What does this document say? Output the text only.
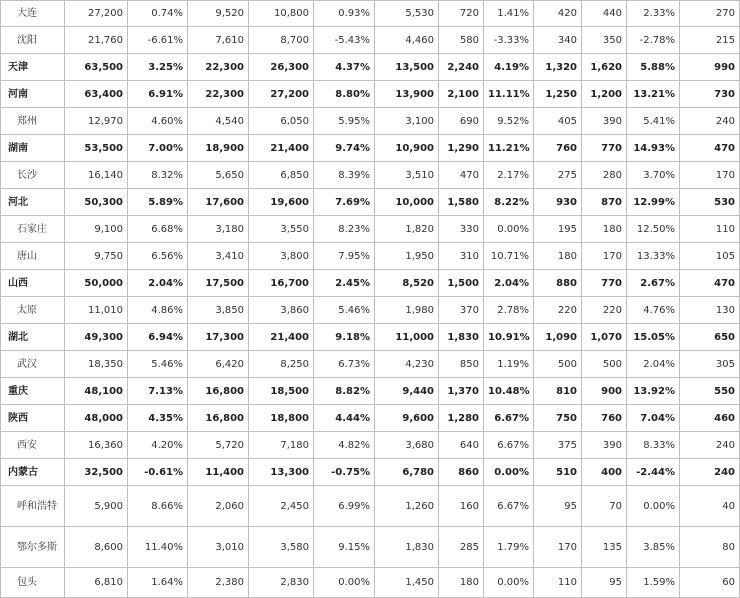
大连	27,200	0.74%	9,520	10,800	0.93%	5,530	720	1.41%	420	440	2.33%	270
沈阳	21,760	-6.61%	7,610	8,700	-5.43%	4,460	580	-3.33%	340	350	-2.78%	215
天津	63,500	3.25%	22,300	26,300	4.37%	13,500	2,240	4.19%	1,320	1,620	5.88%	990
河南	63,400	6.91%	22,300	27,200	8.80%	13,900	2,100	11.11%	1,250	1,200	13.21%	730
郑州	12,970	4.60%	4,540	6,050	5.95%	3,100	690	9.52%	405	390	5.41%	240
湖南	53,500	7.00%	18,900	21,400	9.74%	10,900	1,290	11.21%	760	770	14.93%	470
长沙	16,140	8.32%	5,650	6,850	8.39%	3,510	470	2.17%	275	280	3.70%	170
河北	50,300	5.89%	17,600	19,600	7.69%	10,000	1,580	8.22%	930	870	12.99%	530
石家庄	9,100	6.68%	3,180	3,550	8.23%	1,820	330	0.00%	195	180	12.50%	110
唐山	9,750	6.56%	3,410	3,800	7.95%	1,950	310	10.71%	180	170	13.33%	105
山西	50,000	2.04%	17,500	16,700	2.45%	8,520	1,500	2.04%	880	770	2.67%	470
太原	11,010	4.86%	3,850	3,860	5.46%	1,980	370	2.78%	220	220	4.76%	130
湖北	49,300	6.94%	17,300	21,400	9.18%	11,000	1,830	10.91%	1,090	1,070	15.05%	650
武汉	18,350	5.46%	6,420	8,250	6.73%	4,230	850	1.19%	500	500	2.04%	305
重庆	48,100	7.13%	16,800	18,500	8.82%	9,440	1,370	10.48%	810	900	13.92%	550
陕西	48,000	4.35%	16,800	18,800	4.44%	9,600	1,280	6.67%	750	760	7.04%	460
西安	16,360	4.20%	5,720	7,180	4.82%	3,680	640	6.67%	375	390	8.33%	240
内蒙古	32,500	-0.61%	11,400	13,300	-0.75%	6,780	860	0.00%	510	400	-2.44%	240
呼和浩特	5,900	8.66%	2,060	2,450	6.99%	1,260	160	6.67%	95	70	0.00%	40
鄂尔多斯	8,600	11.40%	3,010	3,580	9.15%	1,830	285	1.79%	170	135	3.85%	80
包头	6,810	1.64%	2,380	2,830	0.00%	1,450	180	0.00%	110	95	1.59%	60
